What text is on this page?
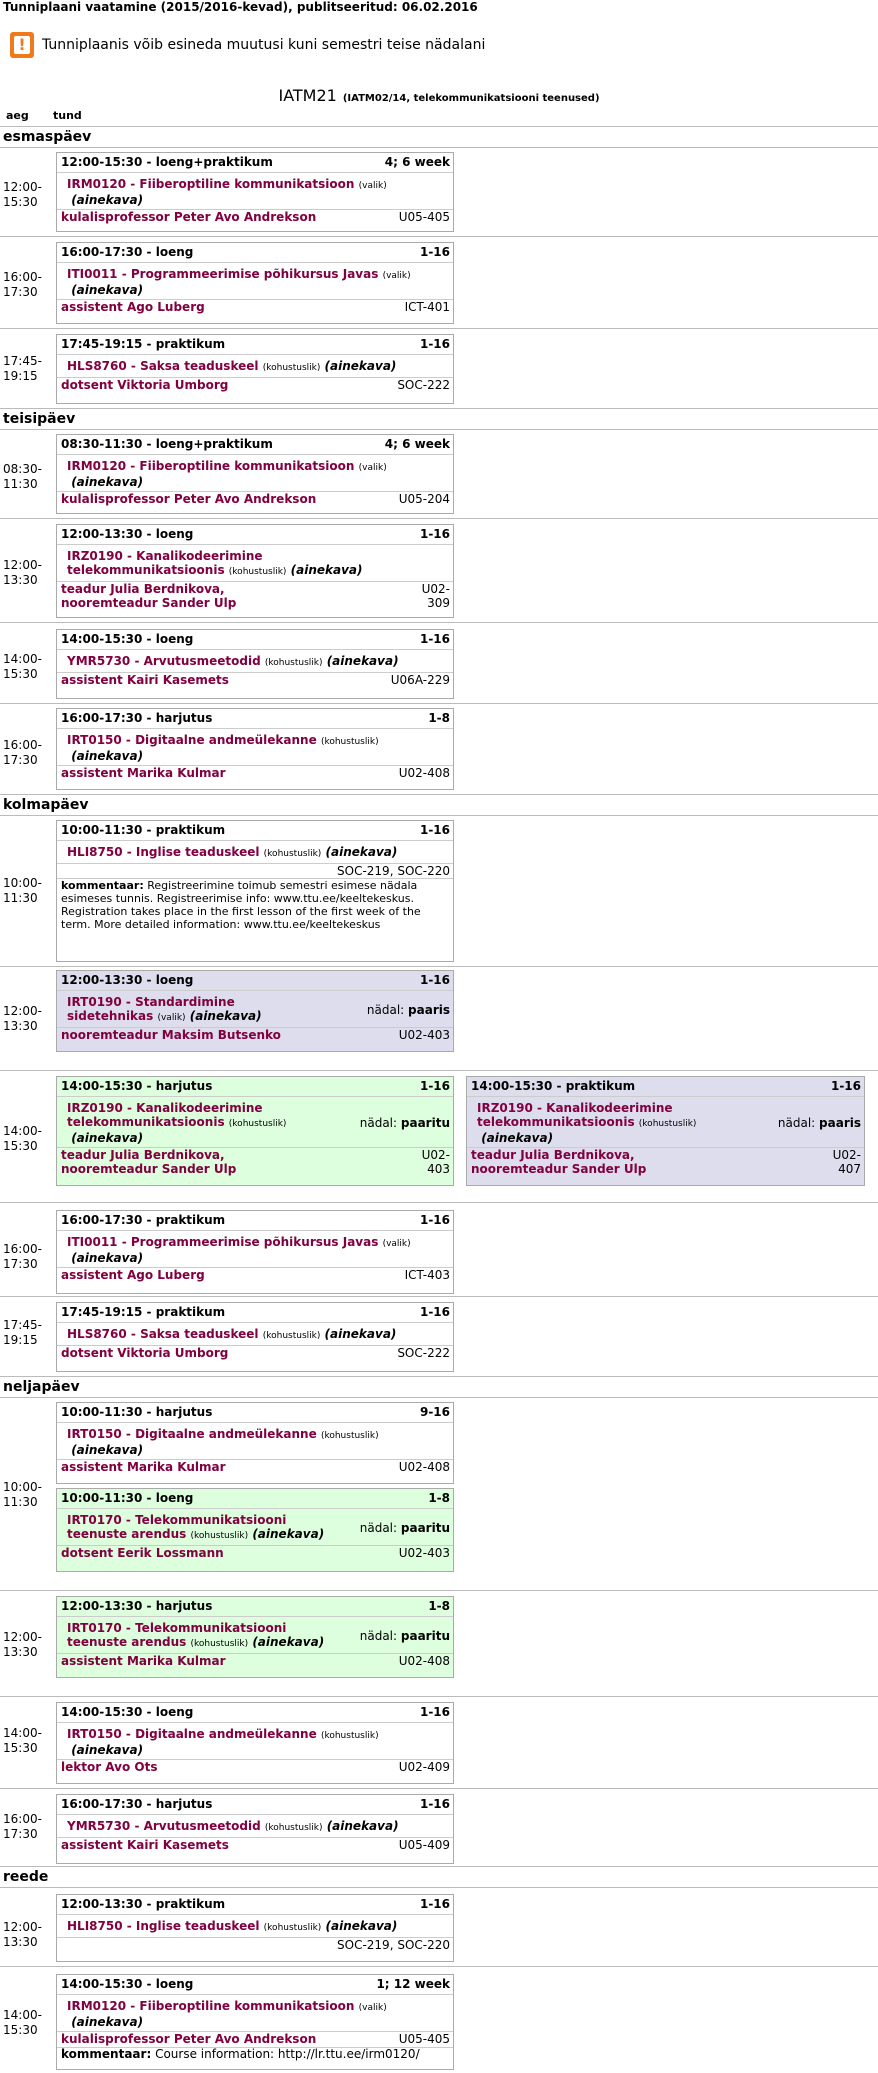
Tunniplaani vaatamine (2015/2016-kevad), publitseeritud: 06.02.2016
!
Tunniplaanis võib esineda muutusi kuni semestri teise nädalani
IATM21 (IATM02/14, telekommunikatsiooni teenused)
aeg tund
esmaspäev
12:00-
15:30
12:00-15:30 - loeng+praktikum	4; 6 week
IRM0120 - Fiiberoptiline kommunikatsioon (valik)
(ainekava)
kulalisprofessor Peter Avo Andrekson	U05-405
16:00-
17:30
16:00-17:30 - loeng	1-16
ITI0011 - Programmeerimise põhikursus Javas (valik)
(ainekava)
assistent Ago Luberg	ICT-401
17:45-
19:15
17:45-19:15 - praktikum	1-16
HLS8760 - Saksa teaduskeel (kohustuslik) (ainekava)
dotsent Viktoria Umborg	SOC-222
teisipäev
08:30-
11:30
08:30-11:30 - loeng+praktikum	4; 6 week
IRM0120 - Fiiberoptiline kommunikatsioon (valik)
(ainekava)
kulalisprofessor Peter Avo Andrekson	U05-204
12:00-
13:30
12:00-13:30 - loeng	1-16
IRZ0190 - Kanalikodeerimine
telekommunikatsioonis (kohustuslik) (ainekava)
teadur Julia Berdnikova,
nooremteadur Sander Ulp
U02-
309
14:00-
15:30
14:00-15:30 - loeng	1-16
YMR5730 - Arvutusmeetodid (kohustuslik) (ainekava)
assistent Kairi Kasemets	U06A-229
16:00-
17:30
16:00-17:30 - harjutus	1-8
IRT0150 - Digitaalne andmeülekanne (kohustuslik)
(ainekava)
assistent Marika Kulmar	U02-408
kolmapäev
10:00-
11:30
10:00-11:30 - praktikum	1-16
HLI8750 - Inglise teaduskeel (kohustuslik) (ainekava)
SOC-219, SOC-220
kommentaar: Registreerimine toimub semestri esimese nädala esimeses tunnis. Registreerimise info: www.ttu.ee/keeltekeskus. Registration takes place in the first lesson of the first week of the term. More detailed information: www.ttu.ee/keeltekeskus
12:00-
13:30
12:00-13:30 - loeng	1-16
IRT0190 - Standardimine
sidetehnikas (valik) (ainekava)	nädal: paaris
nooremteadur Maksim Butsenko	U02-403
14:00-
15:30
14:00-15:30 - harjutus	1-16
IRZ0190 - Kanalikodeerimine
telekommunikatsioonis (kohustuslik)
(ainekava)
nädal: paaritu
teadur Julia Berdnikova,
nooremteadur Sander Ulp
U02-
403
14:00-15:30 - praktikum	1-16
IRZ0190 - Kanalikodeerimine
telekommunikatsioonis (kohustuslik)
(ainekava)
nädal: paaris
teadur Julia Berdnikova,
nooremteadur Sander Ulp
U02-
407
16:00-
17:30
16:00-17:30 - praktikum	1-16
ITI0011 - Programmeerimise põhikursus Javas (valik)
(ainekava)
assistent Ago Luberg	ICT-403
17:45-
19:15
17:45-19:15 - praktikum	1-16
HLS8760 - Saksa teaduskeel (kohustuslik) (ainekava)
dotsent Viktoria Umborg	SOC-222
neljapäev
10:00-
11:30
10:00-11:30 - harjutus	9-16
IRT0150 - Digitaalne andmeülekanne (kohustuslik)
(ainekava)
assistent Marika Kulmar	U02-408
10:00-11:30 - loeng	1-8
IRT0170 - Telekommunikatsiooni
teenuste arendus (kohustuslik) (ainekava)	nädal: paaritu
dotsent Eerik Lossmann	U02-403
12:00-
13:30
12:00-13:30 - harjutus	1-8
IRT0170 - Telekommunikatsiooni
teenuste arendus (kohustuslik) (ainekava)	nädal: paaritu
assistent Marika Kulmar	U02-408
14:00-
15:30
14:00-15:30 - loeng	1-16
IRT0150 - Digitaalne andmeülekanne (kohustuslik)
(ainekava)
lektor Avo Ots	U02-409
16:00-
17:30
16:00-17:30 - harjutus	1-16
YMR5730 - Arvutusmeetodid (kohustuslik) (ainekava)
assistent Kairi Kasemets	U05-409
reede
12:00-
13:30
12:00-13:30 - praktikum	1-16
HLI8750 - Inglise teaduskeel (kohustuslik) (ainekava)
SOC-219, SOC-220
14:00-
15:30
14:00-15:30 - loeng	1; 12 week
IRM0120 - Fiiberoptiline kommunikatsioon (valik)
(ainekava)
kulalisprofessor Peter Avo Andrekson	U05-405
kommentaar: Course information: http://lr.ttu.ee/irm0120/
